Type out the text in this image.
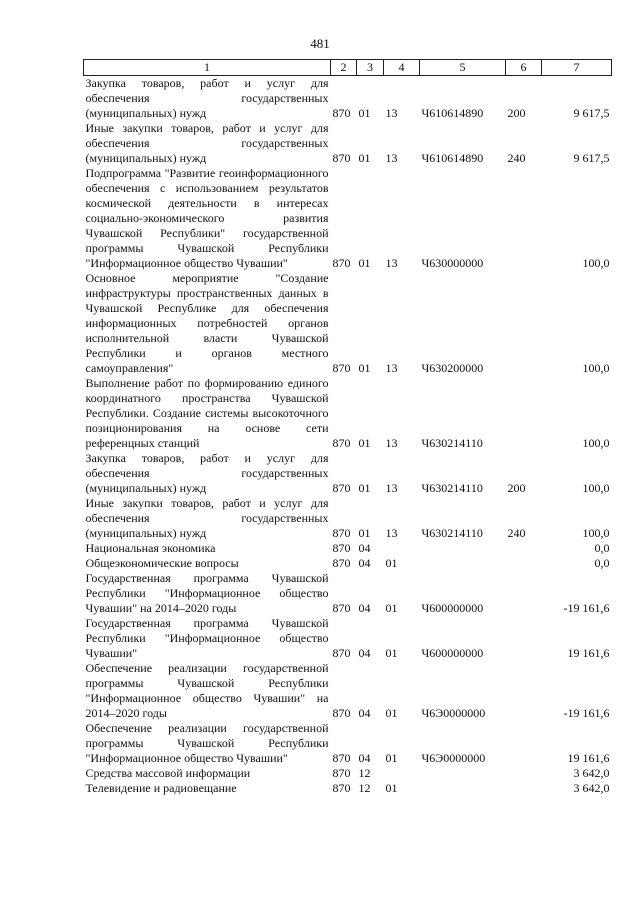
481
1	2	3	4	5	6	7
Закупка товаров, работ и услуг для обеспечения государственных (муниципальных) нужд	870	01	13	Ч610614890	200	9 617,5
Иные закупки товаров, работ и услуг для обеспечения государственных (муниципальных) нужд	870	01	13	Ч610614890	240	9 617,5
Подпрограмма "Развитие геоинформационного обеспечения с использованием результатов космической деятельности в интересах социально-экономического развития Чувашской Республики" государственной программы Чувашской Республики "Информационное общество Чувашии"	870	01	13	Ч630000000		100,0
Основное мероприятие "Создание инфраструктуры пространственных данных в Чувашской Республике для обеспечения информационных потребностей органов исполнительной власти Чувашской Республики и органов местного самоуправления"	870	01	13	Ч630200000		100,0
Выполнение работ по формированию единого координатного пространства Чувашской Республики. Создание системы высокоточного позиционирования на основе сети референцных станций	870	01	13	Ч630214110		100,0
Закупка товаров, работ и услуг для обеспечения государственных (муниципальных) нужд	870	01	13	Ч630214110	200	100,0
Иные закупки товаров, работ и услуг для обеспечения государственных (муниципальных) нужд	870	01	13	Ч630214110	240	100,0
Национальная экономика	870	04				0,0
Общеэкономические вопросы	870	04	01			0,0
Государственная программа Чувашской Республики "Информационное общество Чувашии" на 2014–2020 годы	870	04	01	Ч600000000		-19 161,6
Государственная программа Чувашской Республики "Информационное общество Чувашии"	870	04	01	Ч600000000		19 161,6
Обеспечение реализации государственной программы Чувашской Республики "Информационное общество Чувашии" на 2014–2020 годы	870	04	01	Ч6Э0000000		-19 161,6
Обеспечение реализации государственной программы Чувашской Республики "Информационное общество Чувашии"	870	04	01	Ч6Э0000000		19 161,6
Средства массовой информации	870	12				3 642,0
Телевидение и радиовещание	870	12	01			3 642,0
